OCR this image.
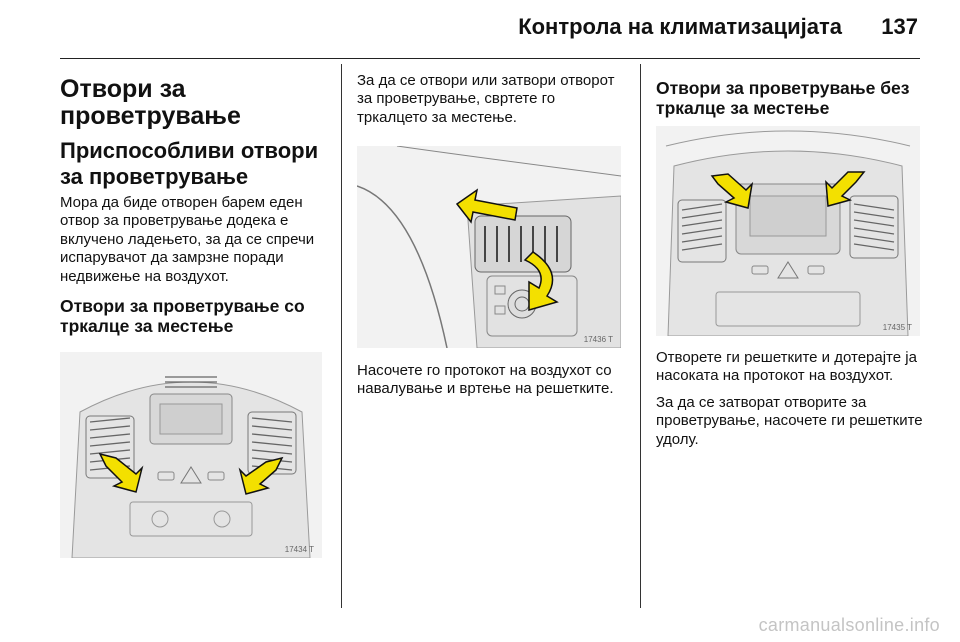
Контрола на климатизацијата 137
Отвори за проветрување
Приспособливи отвори за проветрување
Мора да биде отворен барем еден отвор за проветрување додека е вклучено ладењето, за да се спречи испарувачот да замрзне поради недвижење на воздухот.
Отвори за проветрување со тркалце за местење
17434 T
За да се отвори или затвори отворот за проветрување, свртете го тркалцето за местење.
17436 T
Насочете го протокот на воздухот со навалување и вртење на решетките.
Отвори за проветрување без тркалце за местење
17435 T
Отворете ги решетките и дотерајте ја насоката на протокот на воздухот.
За да се затворат отворите за проветрување, насочете ги решетките удолу.
carmanualsonline.info
